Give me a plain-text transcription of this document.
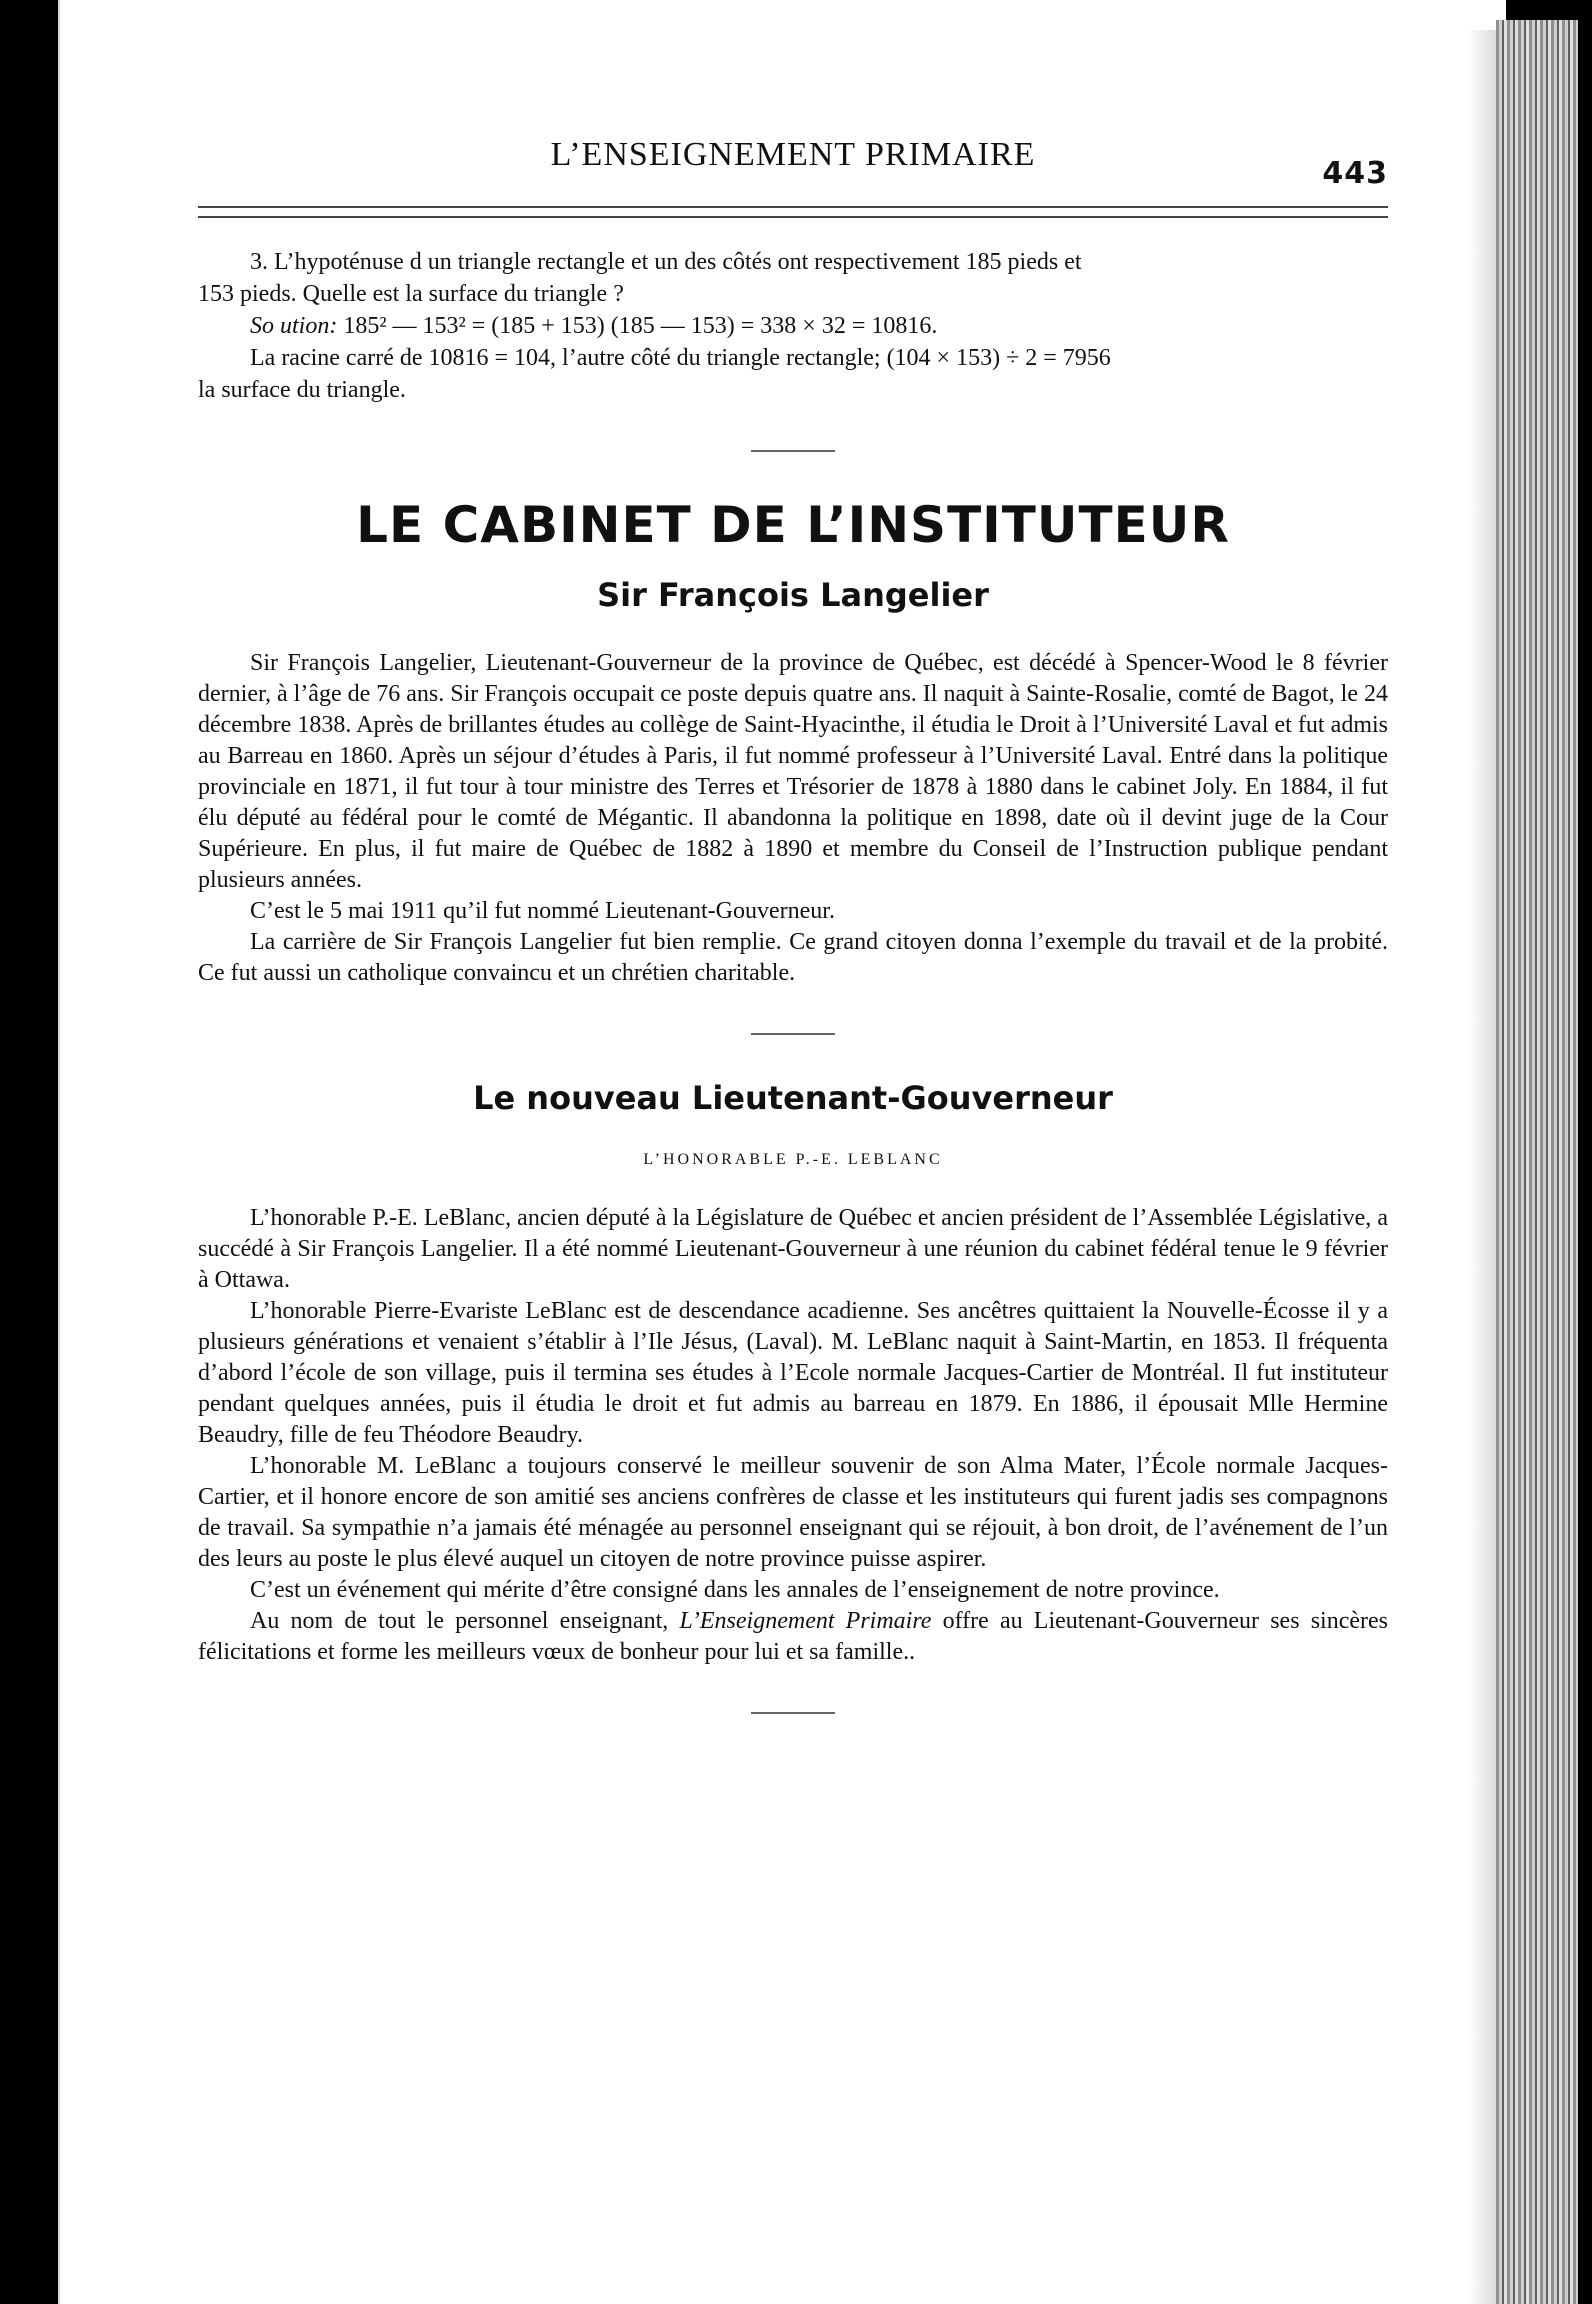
L’ENSEIGNEMENT PRIMAIRE
443

3. L’hypoténuse d un triangle rectangle et un des côtés ont respectivement 185 pieds et

153 pieds. Quelle est la surface du triangle ?

So ution: 185² — 153² = (185 + 153) (185 — 153) = 338 × 32 = 10816.

La racine carré de 10816 = 104, l’autre côté du triangle rectangle; (104 × 153) ÷ 2 = 7956

la surface du triangle.

LE CABINET DE L’INSTITUTEUR
Sir François Langelier

Sir François Langelier, Lieutenant-Gouverneur de la province de Québec, est décédé à Spencer-Wood le 8 février dernier, à l’âge de 76 ans. Sir François occupait ce poste depuis quatre ans. Il naquit à Sainte-Rosalie, comté de Bagot, le 24 décembre 1838. Après de brillantes études au collège de Saint-Hyacinthe, il étudia le Droit à l’Université Laval et fut admis au Barreau en 1860. Après un séjour d’études à Paris, il fut nommé professeur à l’Université Laval. Entré dans la politique provinciale en 1871, il fut tour à tour ministre des Terres et Trésorier de 1878 à 1880 dans le cabinet Joly. En 1884, il fut élu député au fédéral pour le comté de Mégantic. Il abandonna la politique en 1898, date où il devint juge de la Cour Supérieure. En plus, il fut maire de Québec de 1882 à 1890 et membre du Conseil de l’Instruction publique pendant plusieurs années.

C’est le 5 mai 1911 qu’il fut nommé Lieutenant-Gouverneur.

La carrière de Sir François Langelier fut bien remplie. Ce grand citoyen donna l’exemple du travail et de la probité. Ce fut aussi un catholique convaincu et un chrétien charitable.

Le nouveau Lieutenant-Gouverneur
L’HONORABLE P.-E. LEBLANC

L’honorable P.-E. LeBlanc, ancien député à la Législature de Québec et ancien président de l’Assemblée Législative, a succédé à Sir François Langelier. Il a été nommé Lieutenant-Gouverneur à une réunion du cabinet fédéral tenue le 9 février à Ottawa.

L’honorable Pierre-Evariste LeBlanc est de descendance acadienne. Ses ancêtres quittaient la Nouvelle-Écosse il y a plusieurs générations et venaient s’établir à l’Ile Jésus, (Laval). M. LeBlanc naquit à Saint-Martin, en 1853. Il fréquenta d’abord l’école de son village, puis il termina ses études à l’Ecole normale Jacques-Cartier de Montréal. Il fut instituteur pendant quelques années, puis il étudia le droit et fut admis au barreau en 1879. En 1886, il épousait Mlle Hermine Beaudry, fille de feu Théodore Beaudry.

L’honorable M. LeBlanc a toujours conservé le meilleur souvenir de son Alma Mater, l’École normale Jacques-Cartier, et il honore encore de son amitié ses anciens confrères de classe et les instituteurs qui furent jadis ses compagnons de travail. Sa sympathie n’a jamais été ménagée au personnel enseignant qui se réjouit, à bon droit, de l’avénement de l’un des leurs au poste le plus élevé auquel un citoyen de notre province puisse aspirer.

C’est un événement qui mérite d’être consigné dans les annales de l’enseignement de notre province.

Au nom de tout le personnel enseignant, L’Enseignement Primaire offre au Lieutenant-Gouverneur ses sincères félicitations et forme les meilleurs vœux de bonheur pour lui et sa famille..
